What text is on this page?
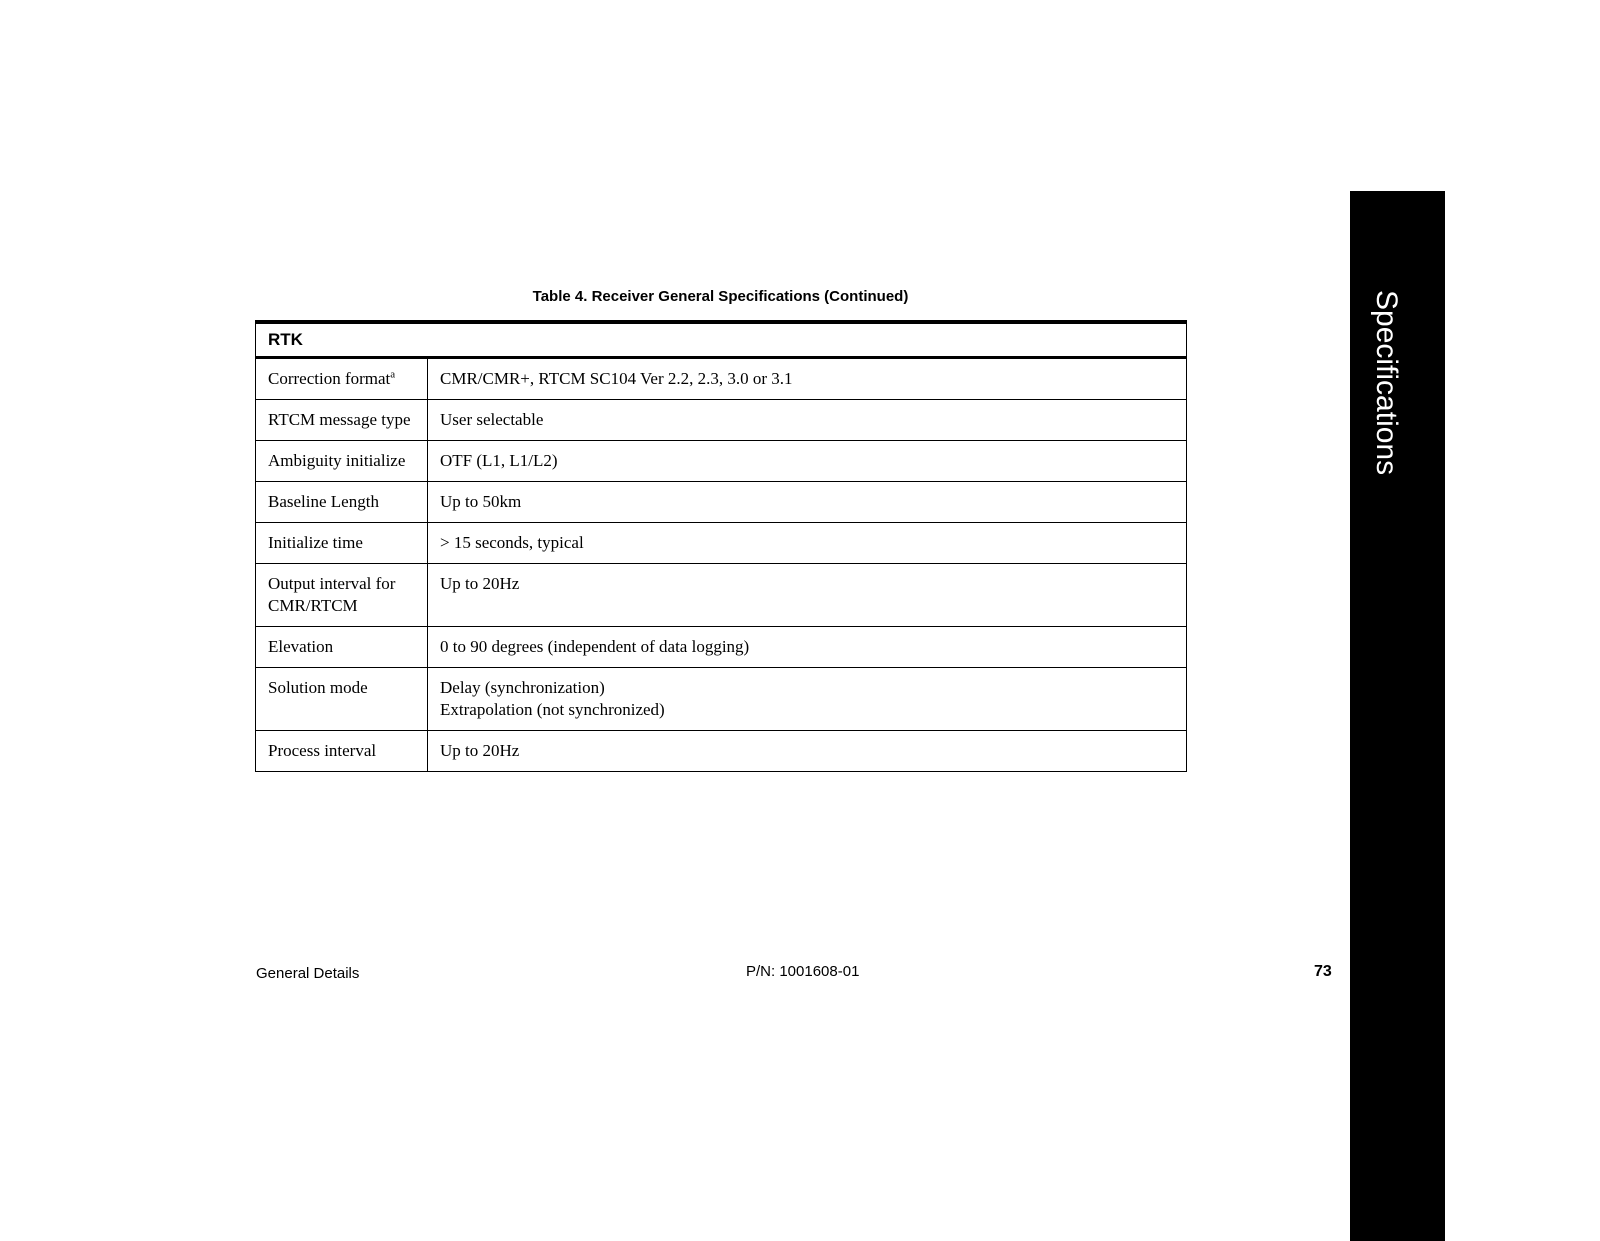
Specifications
Table 4. Receiver General Specifications (Continued)
RTK	
Correction format$^a$	CMR/CMR+, RTCM SC104 Ver 2.2, 2.3, 3.0 or 3.1

RTCM message type	User selectable

Ambiguity initialize	OTF (L1, L1/L2)

Baseline Length	Up to 50km

Initialize time	> 15 seconds, typical

Output interval for CMR/RTCM	Up to 20Hz

Elevation	0 to 90 degrees (independent of data logging)

Solution mode	Delay (synchronization)
Extrapolation (not synchronized)

Process interval	Up to 20Hz
General Details	P/N: 1001608-01	73
